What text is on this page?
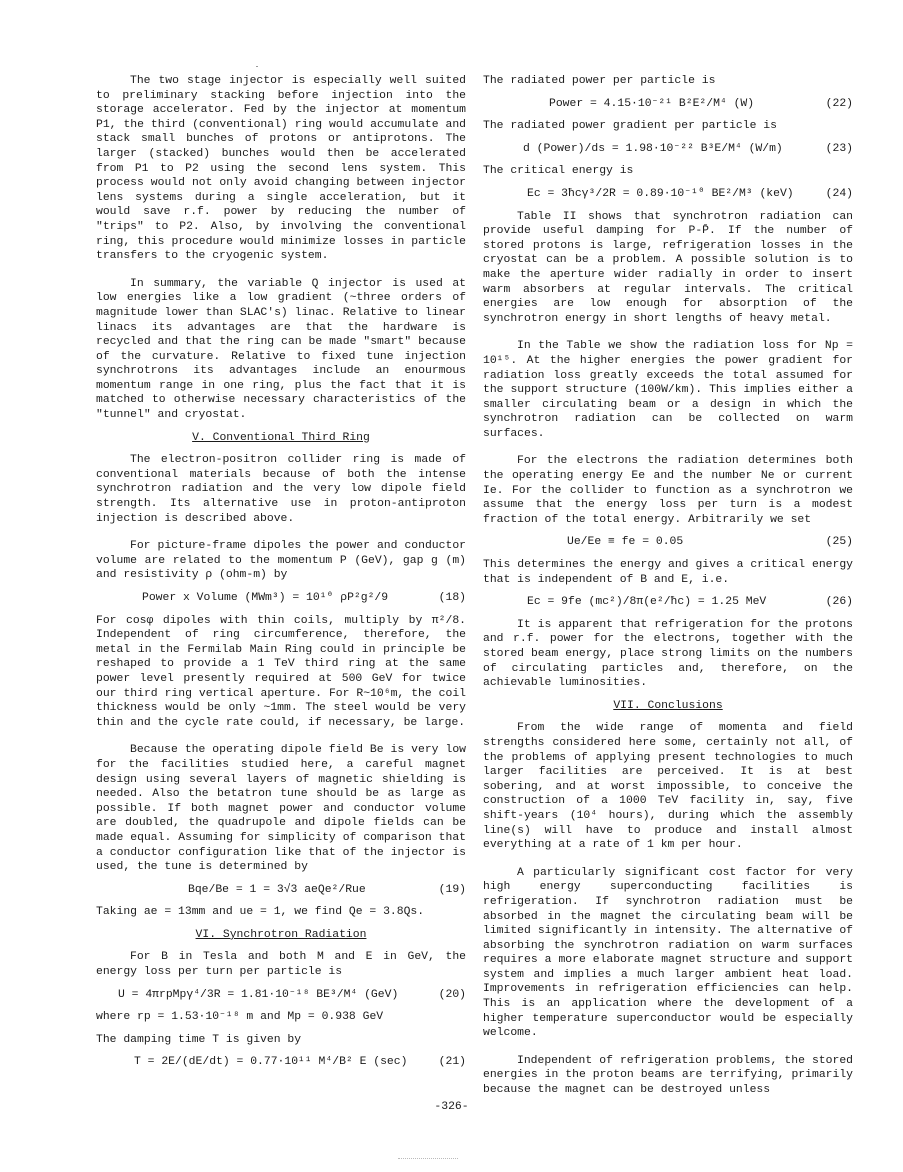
The two stage injector is especially well suited to preliminary stacking before injection into the storage accelerator. Fed by the injector at momentum P1, the third (conventional) ring would accumulate and stack small bunches of protons or antiprotons. The larger (stacked) bunches would then be accelerated from P1 to P2 using the second lens system. This process would not only avoid changing between injector lens systems during a single acceleration, but it would save r.f. power by reducing the number of "trips" to P2. Also, by involving the conventional ring, this procedure would minimize losses in particle transfers to the cryogenic system.

In summary, the variable Q injector is used at low energies like a low gradient (~three orders of magnitude lower than SLAC's) linac. Relative to linear linacs its advantages are that the hardware is recycled and that the ring can be made "smart" because of the curvature. Relative to fixed tune injection synchrotrons its advantages include an enourmous momentum range in one ring, plus the fact that it is matched to otherwise necessary characteristics of the "tunnel" and cryostat.

V. Conventional Third Ring

The electron-positron collider ring is made of conventional materials because of both the intense synchrotron radiation and the very low dipole field strength. Its alternative use in proton-antiproton injection is described above.

For picture-frame dipoles the power and conductor volume are related to the momentum P (GeV), gap g (m) and resistivity ρ (ohm-m) by

Power x Volume (MWm³) = 10¹⁰ ρP²g²/9	(18)

For cosφ dipoles with thin coils, multiply by π²/8. Independent of ring circumference, therefore, the metal in the Fermilab Main Ring could in principle be reshaped to provide a 1 TeV third ring at the same power level presently required at 500 GeV for twice our third ring vertical aperture. For R~10⁶m, the coil thickness would be only ~1mm. The steel would be very thin and the cycle rate could, if necessary, be large.

Because the operating dipole field Be is very low for the facilities studied here, a careful magnet design using several layers of magnetic shielding is needed. Also the betatron tune should be as large as possible. If both magnet power and conductor volume are doubled, the quadrupole and dipole fields can be made equal. Assuming for simplicity of comparison that a conductor configuration like that of the injector is used, the tune is determined by

Bqe/Be = 1 = 3√3 aeQe²/Rue	(19)

Taking ae = 13mm and ue = 1, we find Qe = 3.8Qs.

VI. Synchrotron Radiation

For B in Tesla and both M and E in GeV, the energy loss per turn per particle is

U = 4πrpMpγ⁴/3R = 1.81·10⁻¹⁸ BE³/M⁴ (GeV)	(20)

where rp = 1.53·10⁻¹⁸ m and Mp = 0.938 GeV

The damping time T is given by

T = 2E/(dE/dt) = 0.77·10¹¹ M⁴/B² E (sec)	(21)

The radiated power per particle is

Power = 4.15·10⁻²¹ B²E²/M⁴ (W)	(22)

The radiated power gradient per particle is

d (Power)/ds = 1.98·10⁻²² B³E/M⁴ (W/m)	(23)

The critical energy is

Ec = 3ħcγ³/2R = 0.89·10⁻¹⁰ BE²/M³ (keV)	(24)

Table II shows that synchrotron radiation can provide useful damping for P-P̄. If the number of stored protons is large, refrigeration losses in the cryostat can be a problem. A possible solution is to make the aperture wider radially in order to insert warm absorbers at regular intervals. The critical energies are low enough for absorption of the synchrotron energy in short lengths of heavy metal.

In the Table we show the radiation loss for Np = 10¹⁵. At the higher energies the power gradient for radiation loss greatly exceeds the total assumed for the support structure (100W/km). This implies either a smaller circulating beam or a design in which the synchrotron radiation can be collected on warm surfaces.

For the electrons the radiation determines both the operating energy Ee and the number Ne or current Ie. For the collider to function as a synchrotron we assume that the energy loss per turn is a modest fraction of the total energy. Arbitrarily we set

Ue/Ee ≡ fe = 0.05	(25)

This determines the energy and gives a critical energy that is independent of B and E, i.e.

Ec = 9fe (mc²)/8π(e²/ħc) = 1.25 MeV	(26)

It is apparent that refrigeration for the protons and r.f. power for the electrons, together with the stored beam energy, place strong limits on the numbers of circulating particles and, therefore, on the achievable luminosities.

VII. Conclusions

From the wide range of momenta and field strengths considered here some, certainly not all, of the problems of applying present technologies to much larger facilities are perceived. It is at best sobering, and at worst impossible, to conceive the construction of a 1000 TeV facility in, say, five shift-years (10⁴ hours), during which the assembly line(s) will have to produce and install almost everything at a rate of 1 km per hour.

A particularly significant cost factor for very high energy superconducting facilities is refrigeration. If synchrotron radiation must be absorbed in the magnet the circulating beam will be limited significantly in intensity. The alternative of absorbing the synchrotron radiation on warm surfaces requires a more elaborate magnet structure and support system and implies a much larger ambient heat load. Improvements in refrigeration efficiencies can help. This is an application where the development of a higher temperature superconductor would be especially welcome.

Independent of refrigeration problems, the stored energies in the proton beams are terrifying, primarily because the magnet can be destroyed unless

-326-
